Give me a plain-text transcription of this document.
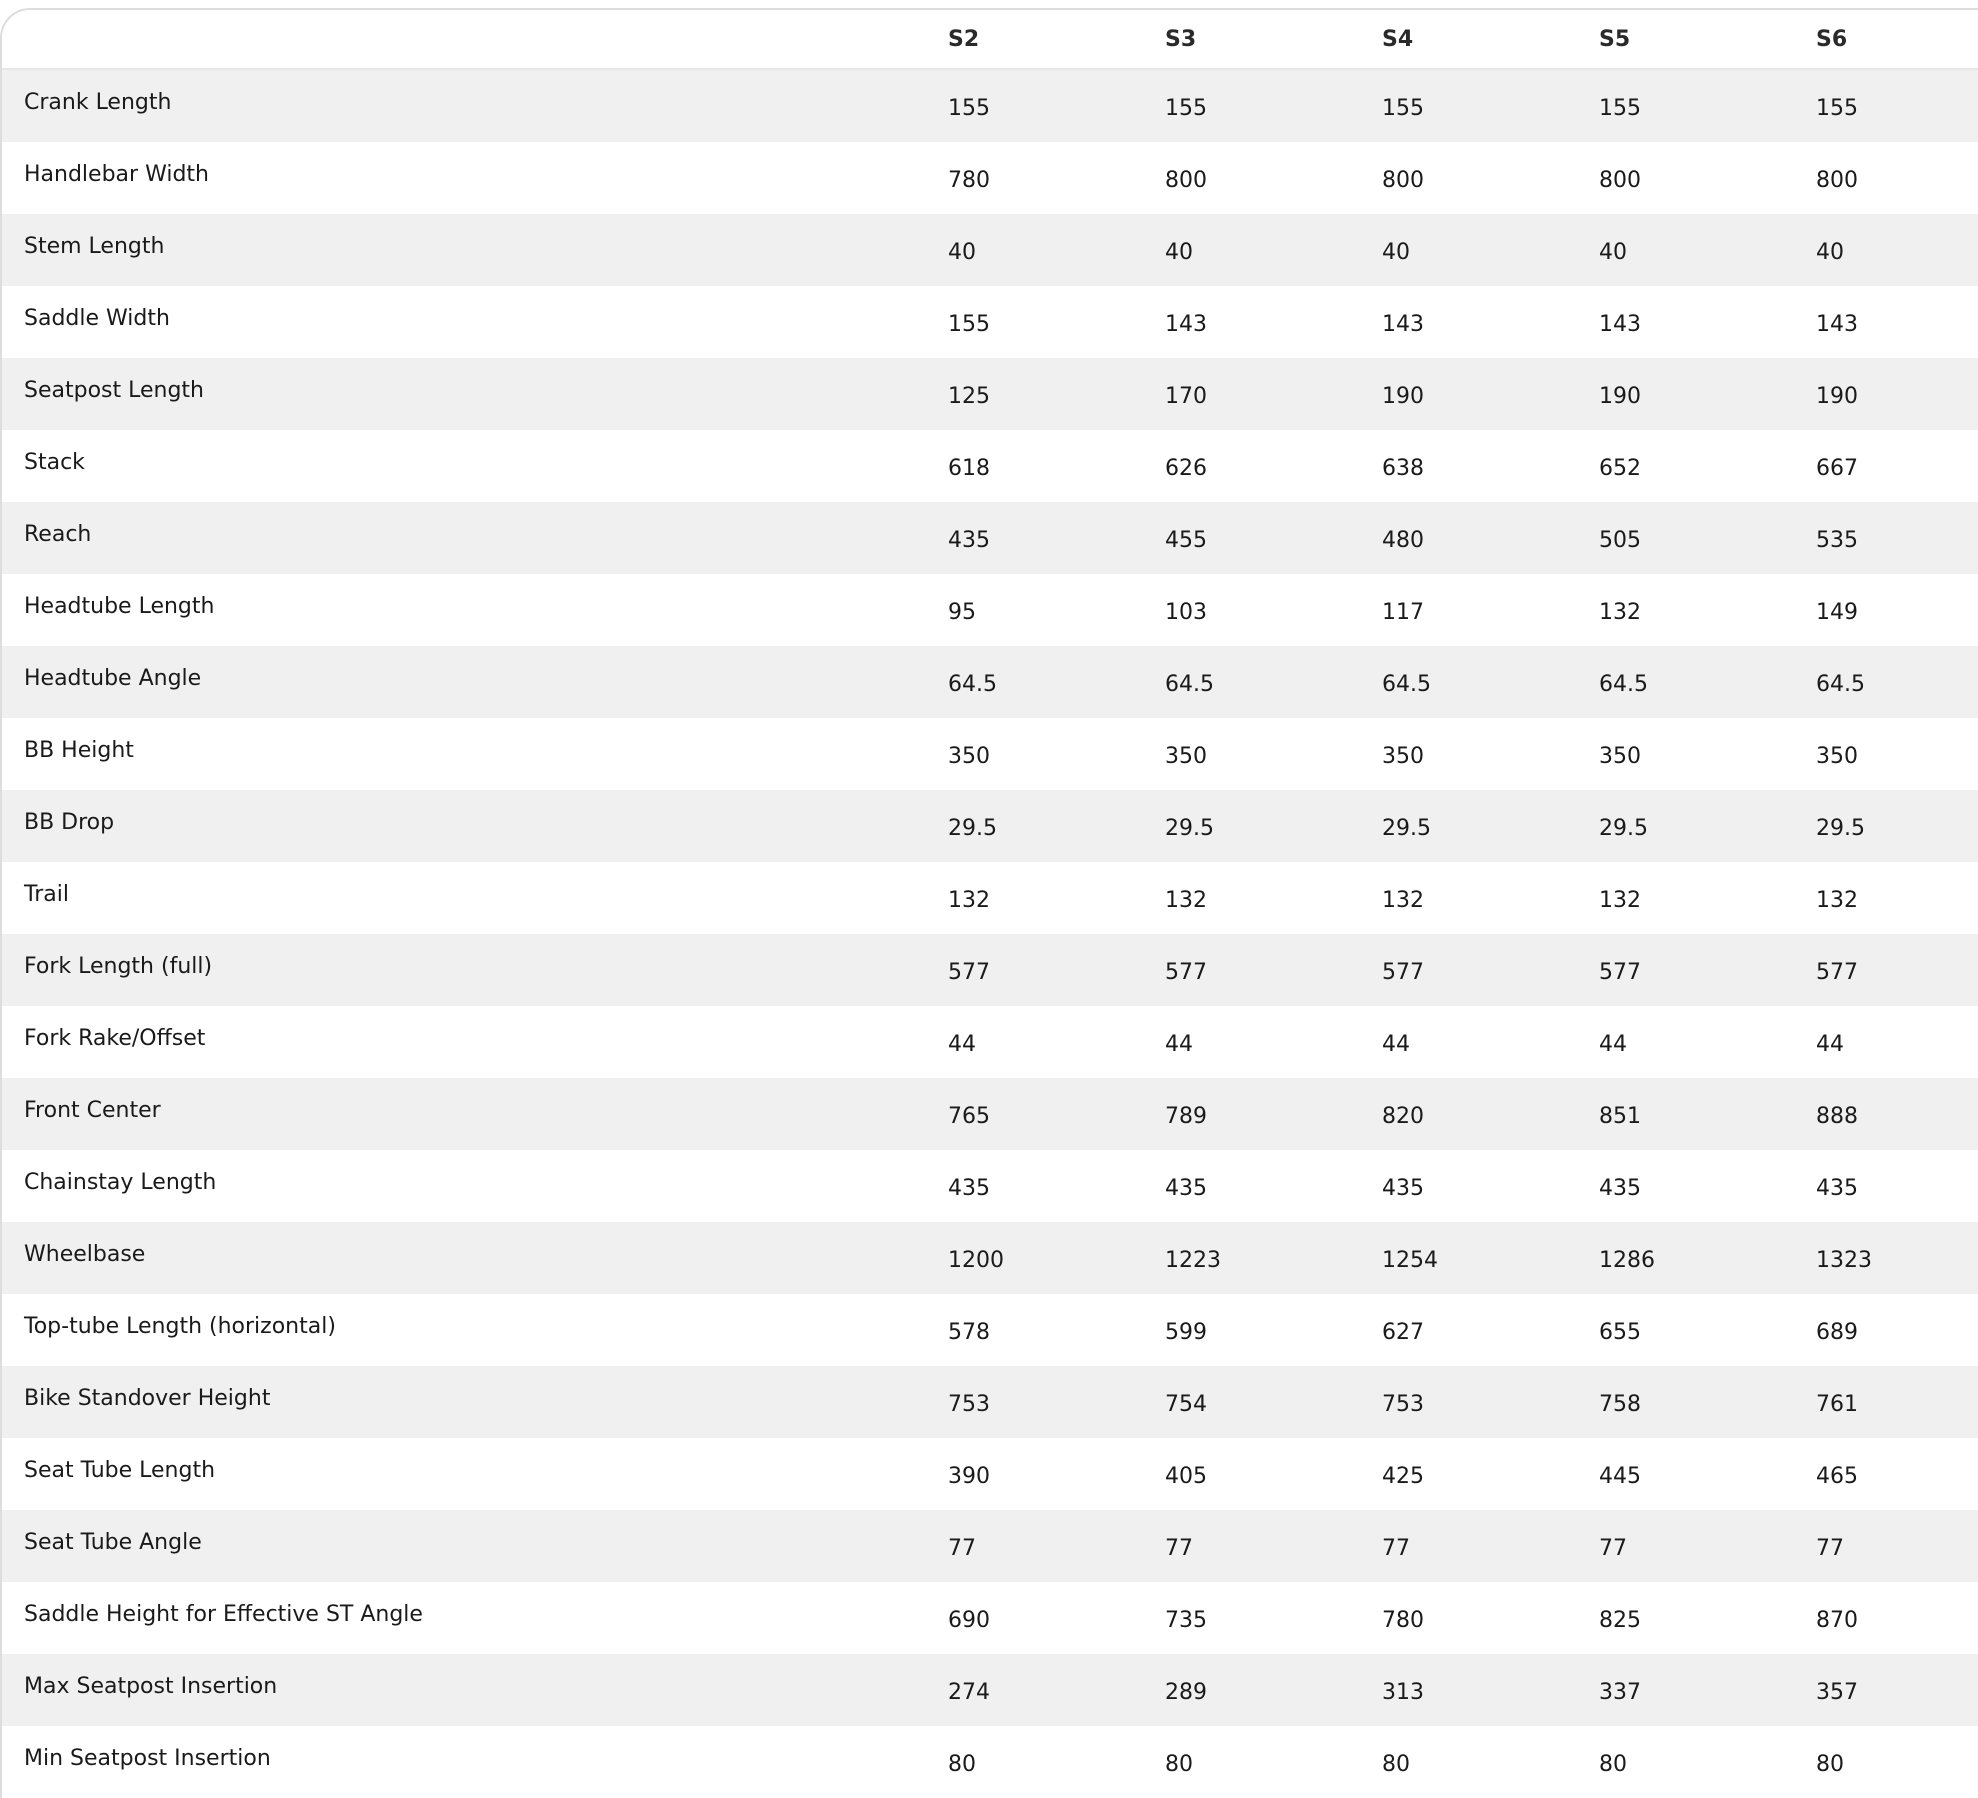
	S2	S3	S4	S5	S6
Crank Length	155	155	155	155	155
Handlebar Width	780	800	800	800	800
Stem Length	40	40	40	40	40
Saddle Width	155	143	143	143	143
Seatpost Length	125	170	190	190	190
Stack	618	626	638	652	667
Reach	435	455	480	505	535
Headtube Length	95	103	117	132	149
Headtube Angle	64.5	64.5	64.5	64.5	64.5
BB Height	350	350	350	350	350
BB Drop	29.5	29.5	29.5	29.5	29.5
Trail	132	132	132	132	132
Fork Length (full)	577	577	577	577	577
Fork Rake/Offset	44	44	44	44	44
Front Center	765	789	820	851	888
Chainstay Length	435	435	435	435	435
Wheelbase	1200	1223	1254	1286	1323
Top-tube Length (horizontal)	578	599	627	655	689
Bike Standover Height	753	754	753	758	761
Seat Tube Length	390	405	425	445	465
Seat Tube Angle	77	77	77	77	77
Saddle Height for Effective ST Angle	690	735	780	825	870
Max Seatpost Insertion	274	289	313	337	357
Min Seatpost Insertion	80	80	80	80	80
